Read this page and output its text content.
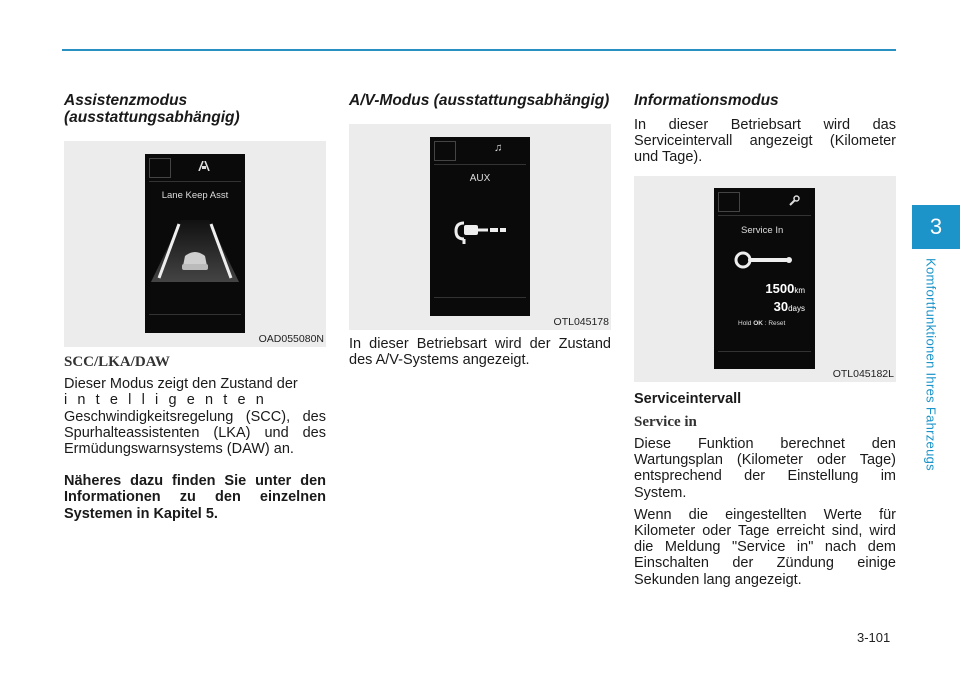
3
Komfortfunktionen Ihres Fahrzeugs
Assistenzmodus (ausstattungsabhängig)
Lane Keep Asst
OAD055080N

SCC/LKA/DAW

Dieser Modus zeigt den Zustand der

intelligenten

Geschwindigkeitsregelung (SCC), des Spurhalteassistenten (LKA) und des Ermüdungswarnsystems (DAW) an.

Näheres dazu finden Sie unter den Informationen zu den einzelnen Systemen in Kapitel 5.

A/V-Modus (ausstattungsabhängig)
♫
AUX
OTL045178

In dieser Betriebsart wird der Zustand des A/V-Systems angezeigt.

Informationsmodus

In dieser Betriebsart wird das Serviceintervall angezeigt (Kilometer und Tage).

Service In
1500km
30days
Hold OK : Reset
OTL045182L

Serviceintervall

Service in

Diese Funktion berechnet den Wartungsplan (Kilometer oder Tage) entsprechend der Einstellung im System.

Wenn die eingestellten Werte für Kilometer oder Tage erreicht sind, wird die Meldung "Service in" nach dem Einschalten der Zündung einige Sekunden lang angezeigt.

3-101
